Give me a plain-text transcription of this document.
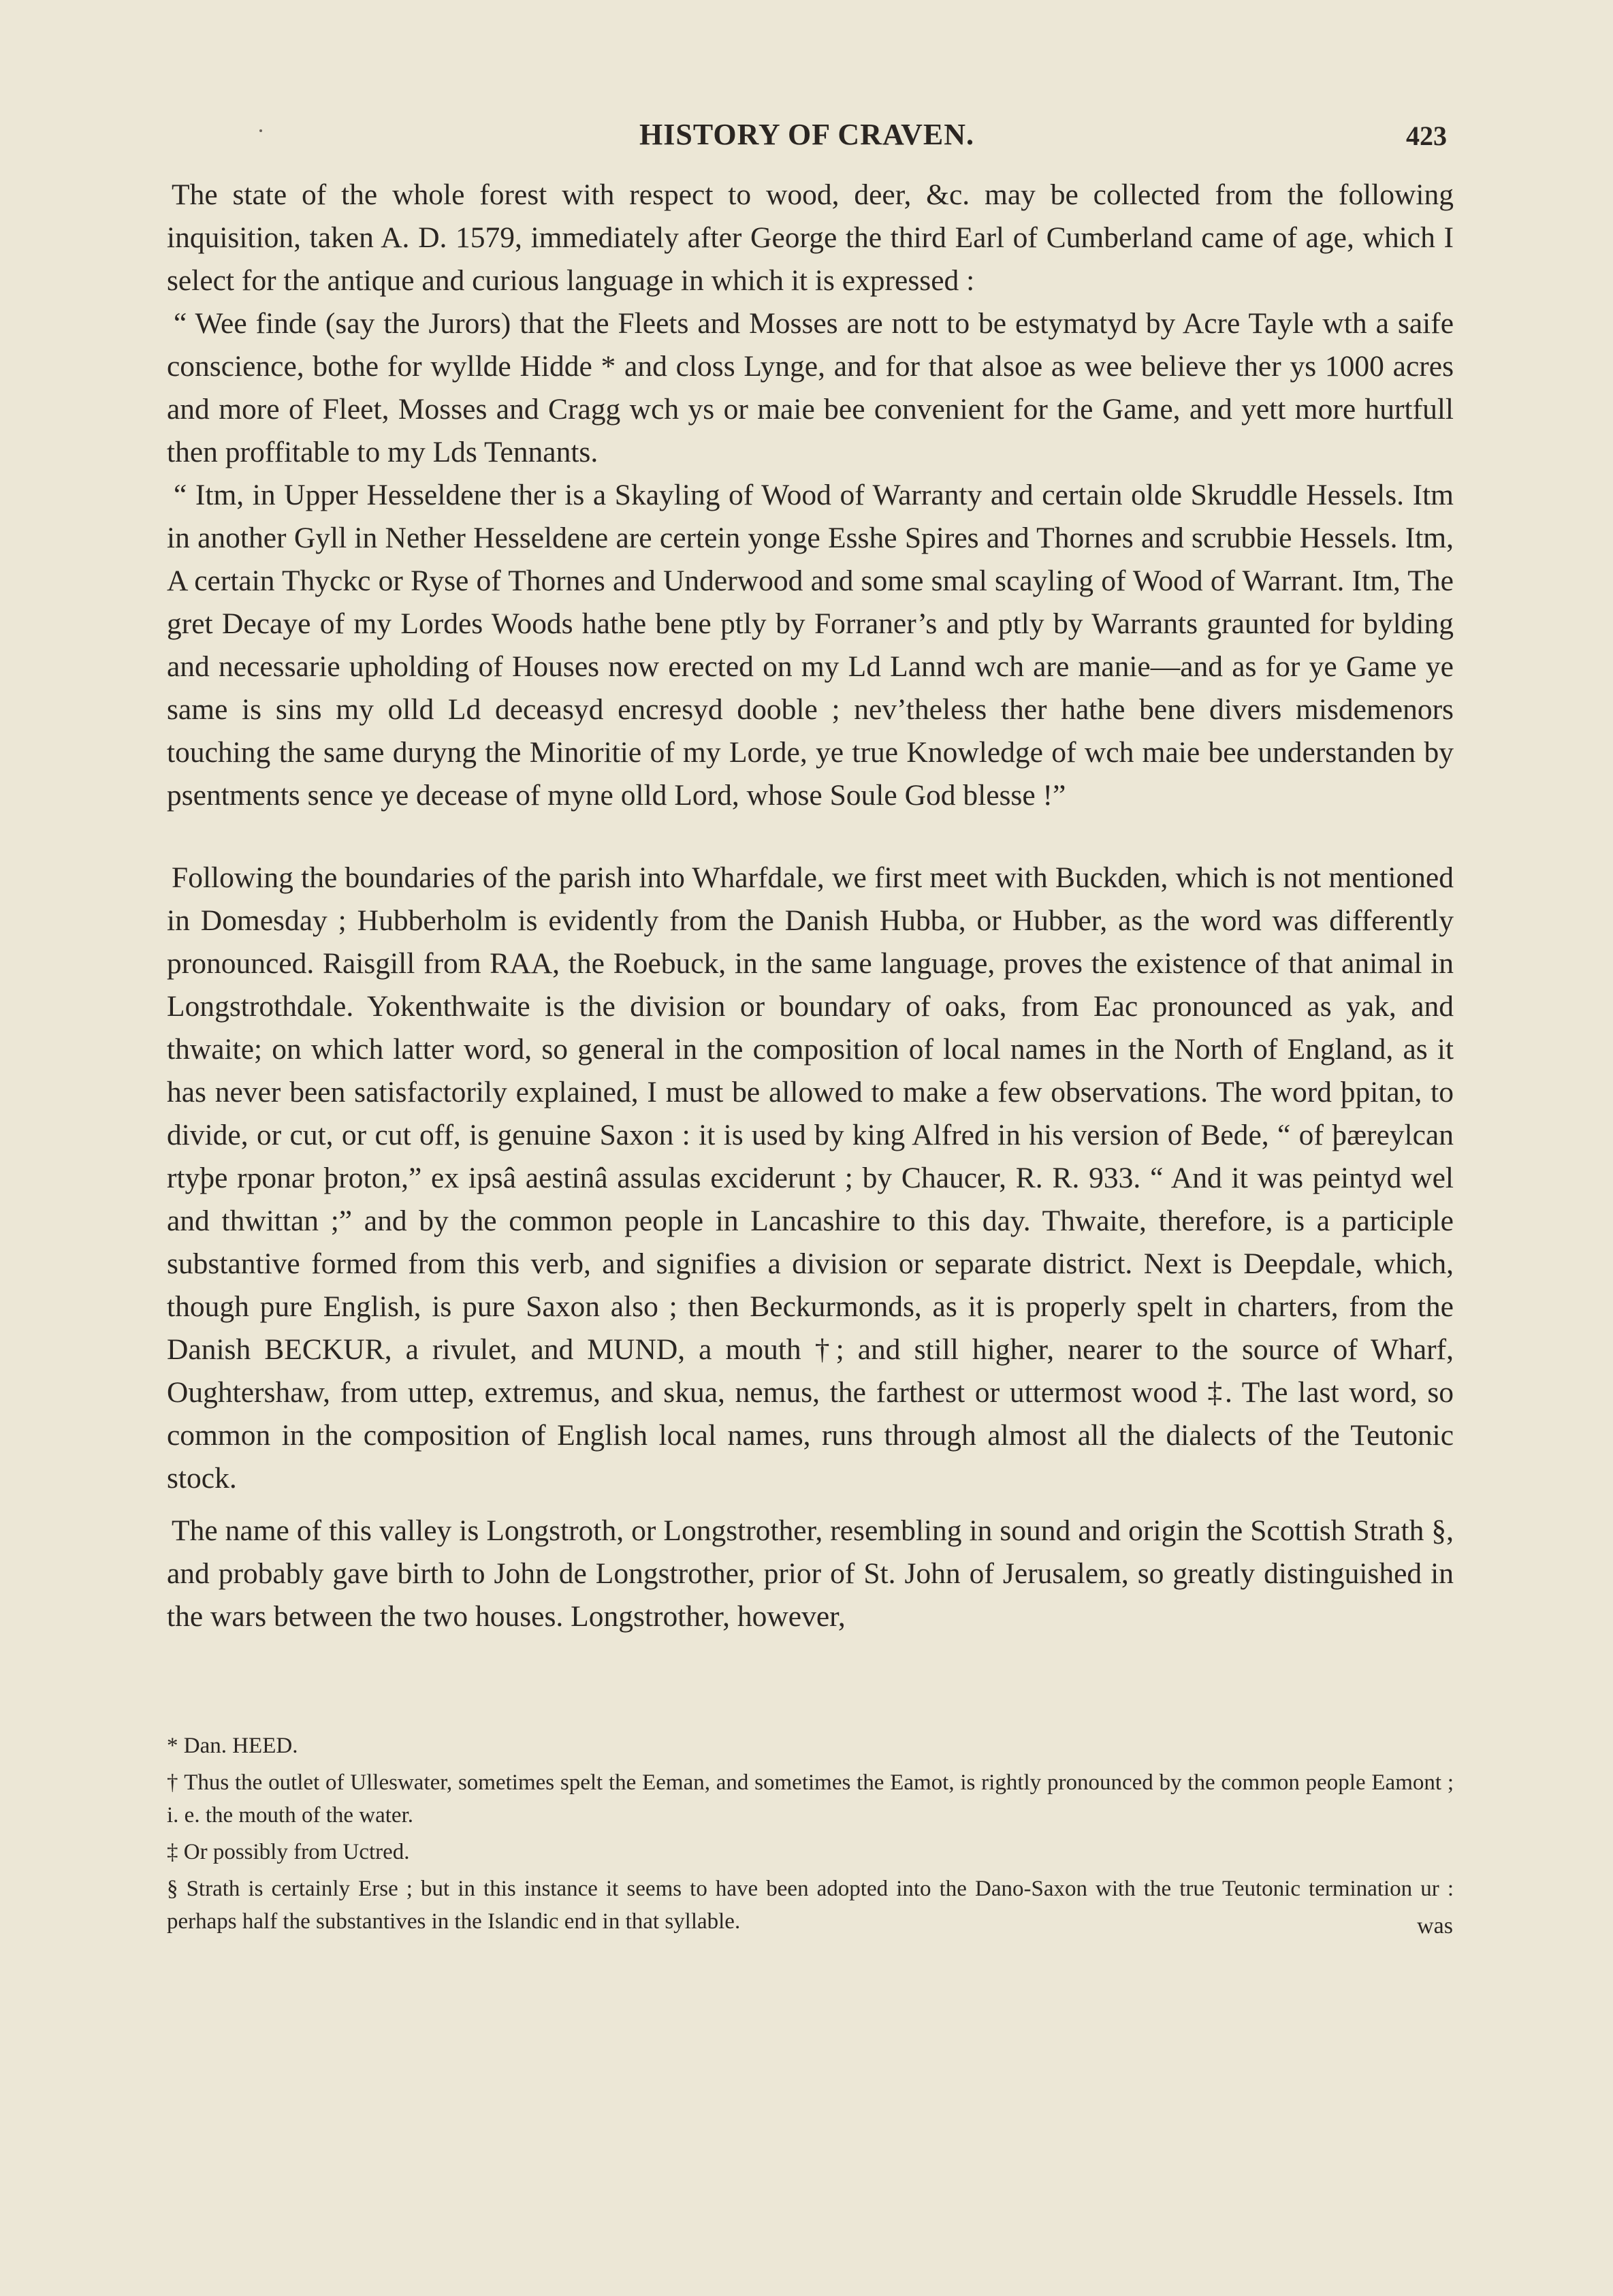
HISTORY OF CRAVEN.	423

The state of the whole forest with respect to wood, deer, &c. may be collected from the following inquisition, taken A. D. 1579, immediately after George the third Earl of Cumberland came of age, which I select for the antique and curious language in which it is expressed :

“ Wee finde (say the Jurors) that the Fleets and Mosses are nott to be estymatyd by Acre Tayle wth a saife conscience, bothe for wyllde Hidde * and closs Lynge, and for that alsoe as wee believe ther ys 1000 acres and more of Fleet, Mosses and Cragg wch ys or maie bee convenient for the Game, and yett more hurtfull then proffitable to my Lds Tennants.

“ Itm, in Upper Hesseldene ther is a Skayling of Wood of Warranty and certain olde Skruddle Hessels. Itm in another Gyll in Nether Hesseldene are certein yonge Esshe Spires and Thornes and scrubbie Hessels. Itm, A certain Thyckc or Ryse of Thornes and Underwood and some smal scayling of Wood of Warrant. Itm, The gret Decaye of my Lordes Woods hathe bene ptly by Forraner’s and ptly by Warrants graunted for bylding and necessarie upholding of Houses now erected on my Ld Lannd wch are manie—and as for ye Game ye same is sins my olld Ld deceasyd encresyd dooble ; nev’theless ther hathe bene divers misdemenors touching the same duryng the Minoritie of my Lorde, ye true Knowledge of wch maie bee understanden by psentments sence ye decease of myne olld Lord, whose Soule God blesse !”

Following the boundaries of the parish into Wharfdale, we first meet with Buckden, which is not mentioned in Domesday ; Hubberholm is evidently from the Danish Hubba, or Hubber, as the word was differently pronounced. Raisgill from RAA, the Roebuck, in the same language, proves the existence of that animal in Longstrothdale. Yokenthwaite is the division or boundary of oaks, from Eac pronounced as yak, and thwaite; on which latter word, so general in the composition of local names in the North of England, as it has never been satisfactorily explained, I must be allowed to make a few observations. The word þpitan, to divide, or cut, or cut off, is genuine Saxon : it is used by king Alfred in his version of Bede, “ of þæreylcan rtyþe rponar þroton,” ex ipsâ aestinâ assulas exciderunt ; by Chaucer, R. R. 933. “ And it was peintyd wel and thwittan ;” and by the common people in Lancashire to this day. Thwaite, therefore, is a participle substantive formed from this verb, and signifies a division or separate district. Next is Deepdale, which, though pure English, is pure Saxon also ; then Beckurmonds, as it is properly spelt in charters, from the Danish BECKUR, a rivulet, and MUND, a mouth †; and still higher, nearer to the source of Wharf, Oughtershaw, from uttep, extremus, and skua, nemus, the farthest or uttermost wood ‡. The last word, so common in the composition of English local names, runs through almost all the dialects of the Teutonic stock.

The name of this valley is Longstroth, or Longstrother, resembling in sound and origin the Scottish Strath §, and probably gave birth to John de Longstrother, prior of St. John of Jerusalem, so greatly distinguished in the wars between the two houses. Longstrother, however,

* Dan. HEED.

† Thus the outlet of Ulleswater, sometimes spelt the Eeman, and sometimes the Eamot, is rightly pronounced by the common people Eamont ; i. e. the mouth of the water.

‡ Or possibly from Uctred.

§ Strath is certainly Erse ; but in this instance it seems to have been adopted into the Dano-Saxon with the true Teutonic termination ur : perhaps half the substantives in the Islandic end in that syllable.	was
